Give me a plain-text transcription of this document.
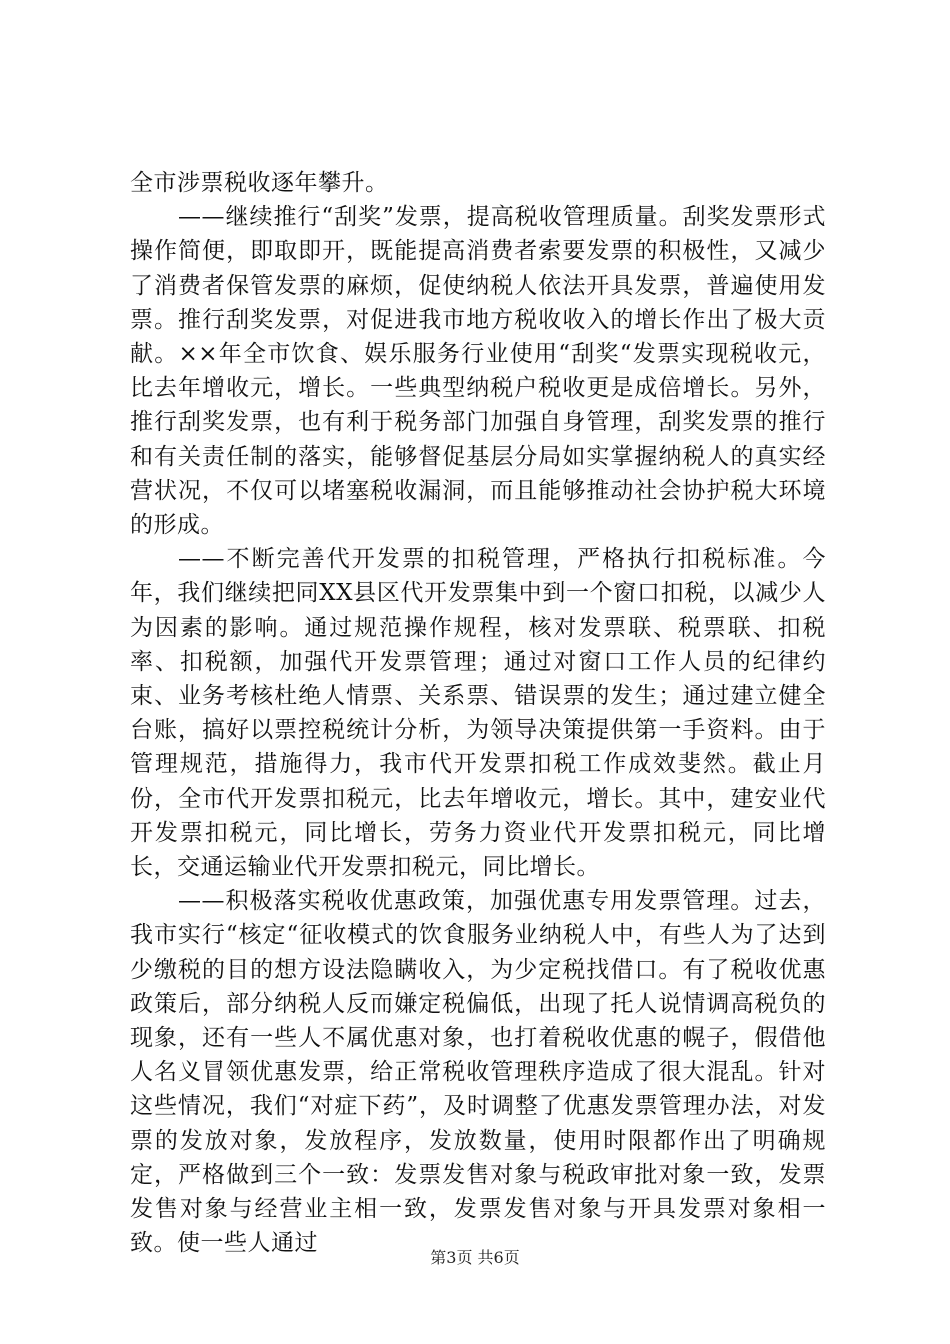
全市涉票税收逐年攀升。

——继续推行“刮奖”发票，提高税收管理质量。刮奖发票形式操作简便，即取即开，既能提高消费者索要发票的积极性，又减少了消费者保管发票的麻烦，促使纳税人依法开具发票，普遍使用发票。推行刮奖发票，对促进我市地方税收收入的增长作出了极大贡献。××年全市饮食、娱乐服务行业使用“刮奖“发票实现税收元，比去年增收元，增长。一些典型纳税户税收更是成倍增长。另外，推行刮奖发票，也有利于税务部门加强自身管理，刮奖发票的推行和有关责任制的落实，能够督促基层分局如实掌握纳税人的真实经营状况，不仅可以堵塞税收漏洞，而且能够推动社会协护税大环境的形成。

——不断完善代开发票的扣税管理，严格执行扣税标准。今年，我们继续把同XX县区代开发票集中到一个窗口扣税，以减少人为因素的影响。通过规范操作规程，核对发票联、税票联、扣税率、扣税额，加强代开发票管理；通过对窗口工作人员的纪律约束、业务考核杜绝人情票、关系票、错误票的发生；通过建立健全台账，搞好以票控税统计分析，为领导决策提供第一手资料。由于管理规范，措施得力，我市代开发票扣税工作成效斐然。截止月份，全市代开发票扣税元，比去年增收元，增长。其中，建安业代开发票扣税元，同比增长，劳务力资业代开发票扣税元，同比增长，交通运输业代开发票扣税元，同比增长。

——积极落实税收优惠政策，加强优惠专用发票管理。过去，我市实行“核定“征收模式的饮食服务业纳税人中，有些人为了达到少缴税的目的想方设法隐瞒收入，为少定税找借口。有了税收优惠政策后，部分纳税人反而嫌定税偏低，出现了托人说情调高税负的现象，还有一些人不属优惠对象，也打着税收优惠的幌子，假借他人名义冒领优惠发票，给正常税收管理秩序造成了很大混乱。针对这些情况，我们“对症下药”，及时调整了优惠发票管理办法，对发票的发放对象，发放程序，发放数量，使用时限都作出了明确规定，严格做到三个一致：发票发售对象与税政审批对象一致，发票发售对象与经营业主相一致，发票发售对象与开具发票对象相一致。使一些人通过

第3页 共6页
